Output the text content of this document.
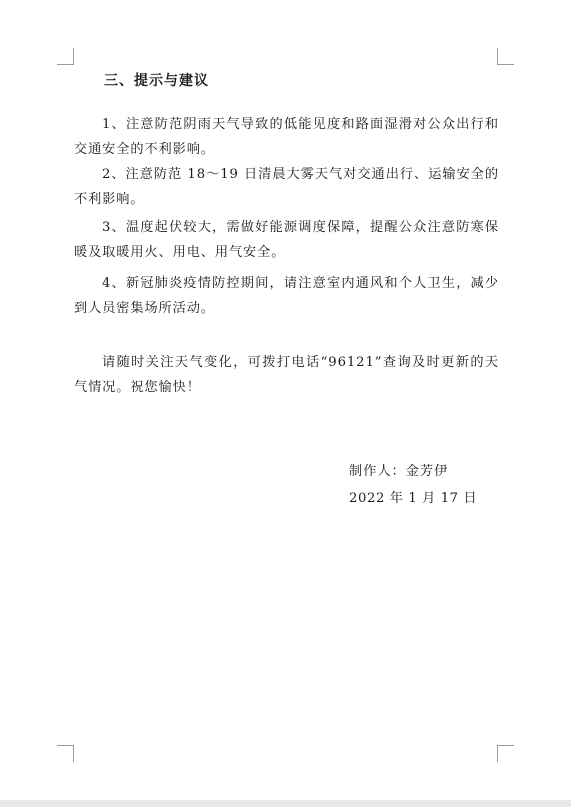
三、提示与建议
1、注意防范阴雨天气导致的低能见度和路面湿滑对公众出行和交通安全的不利影响。
2、注意防范 18～19 日清晨大雾天气对交通出行、运输安全的不利影响。
3、温度起伏较大，需做好能源调度保障，提醒公众注意防寒保暖及取暖用火、用电、用气安全。
4、新冠肺炎疫情防控期间，请注意室内通风和个人卫生，减少到人员密集场所活动。
请随时关注天气变化，可拨打电话“96121”查询及时更新的天气情况。祝您愉快！
制作人：金芳伊
2022 年 1 月 17 日
